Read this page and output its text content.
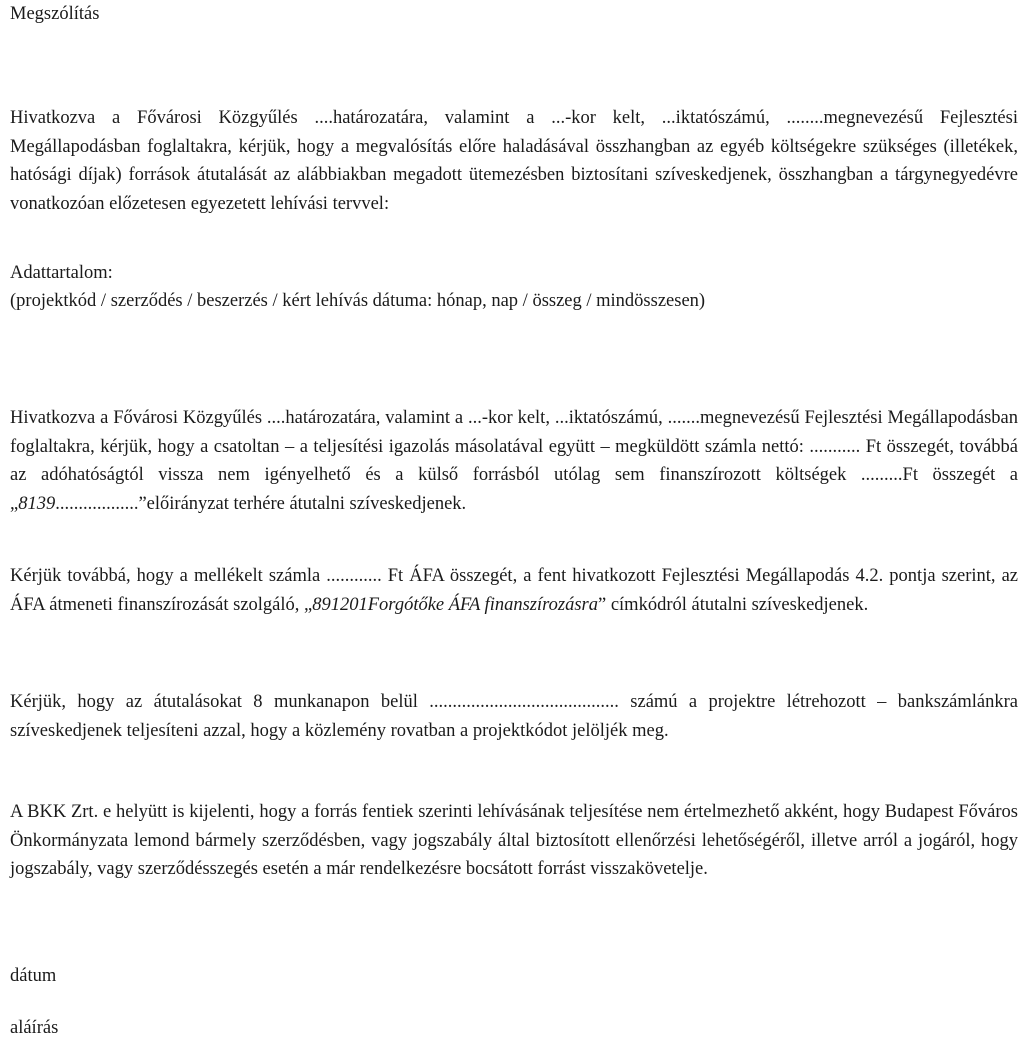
Megszólítás

Hivatkozva a Fővárosi Közgyűlés ....határozatára, valamint a ...-kor kelt, ...iktatószámú, ........megnevezésű Fejlesztési Megállapodásban foglaltakra, kérjük, hogy a megvalósítás előre haladásával összhangban az egyéb költségekre szükséges (illetékek, hatósági díjak) források átutalását az alábbiakban megadott ütemezésben biztosítani szíveskedjenek, összhangban a tárgynegyedévre vonatkozóan előzetesen egyezetett lehívási tervvel:

Adattartalom:

(projektkód / szerződés / beszerzés / kért lehívás dátuma: hónap, nap / összeg / mindösszesen)

Hivatkozva a Fővárosi Közgyűlés ....határozatára, valamint a ...-kor kelt, ...iktatószámú, .......megnevezésű Fejlesztési Megállapodásban foglaltakra, kérjük, hogy a csatoltan – a teljesítési igazolás másolatával együtt – megküldött számla nettó: ........... Ft összegét, továbbá az adóhatóságtól vissza nem igényelhető és a külső forrásból utólag sem finanszírozott költségek .........Ft összegét a „8139..................”előirányzat terhére átutalni szíveskedjenek.

Kérjük továbbá, hogy a mellékelt számla ............ Ft ÁFA összegét, a fent hivatkozott Fejlesztési Megállapodás 4.2. pontja szerint, az ÁFA átmeneti finanszírozását szolgáló, „891201Forgótőke ÁFA finanszírozásra” címkódról átutalni szíveskedjenek.

Kérjük, hogy az átutalásokat 8 munkanapon belül ......................................... számú a projektre létrehozott – bankszámlánkra szíveskedjenek teljesíteni azzal, hogy a közlemény rovatban a projektkódot jelöljék meg.

A BKK Zrt. e helyütt is kijelenti, hogy a forrás fentiek szerinti lehívásának teljesítése nem értelmezhető akként, hogy Budapest Főváros Önkormányzata lemond bármely szerződésben, vagy jogszabály által biztosított ellenőrzési lehetőségéről, illetve arról a jogáról, hogy jogszabály, vagy szerződésszegés esetén a már rendelkezésre bocsátott forrást visszakövetelje.

dátum

aláírás
